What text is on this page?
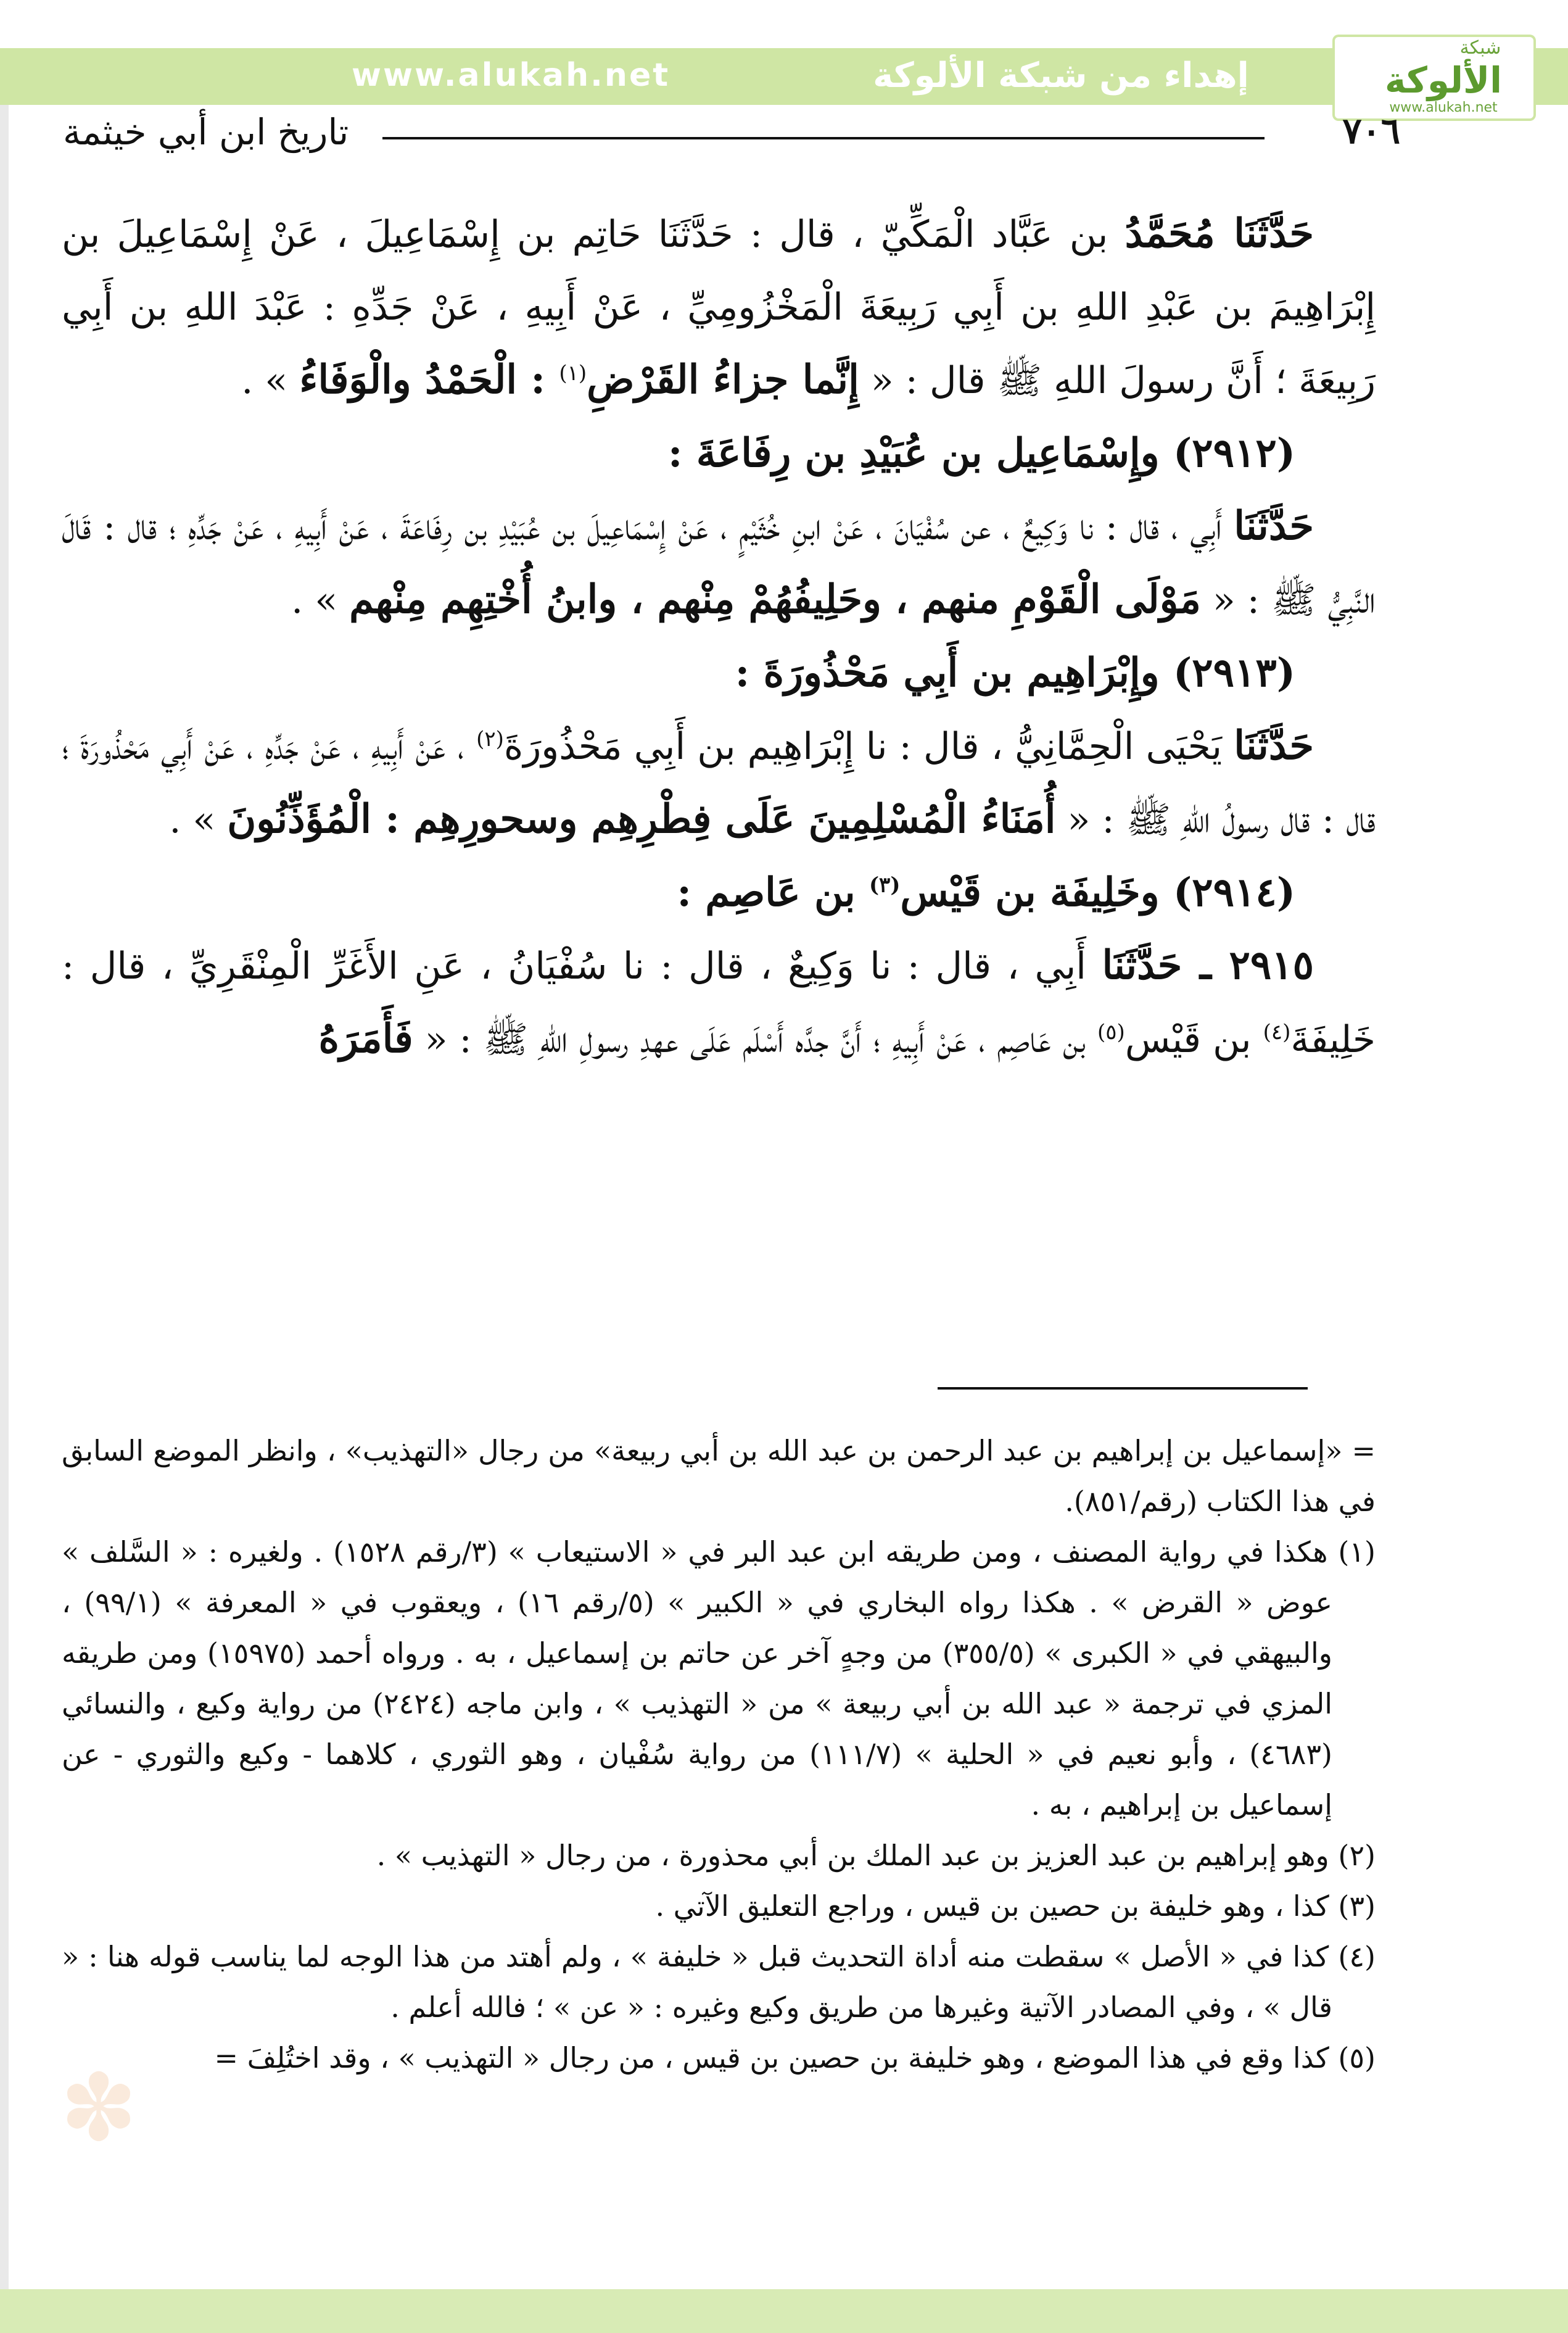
www.alukah.net	إهداء من شبكة الألوكة
شبكة
الألوكة
www.alukah.net
٧٠٦
تاريخ ابن أبي خيثمة

حَدَّثَنَا مُحَمَّدُ بن عَبَّاد الْمَكِّيّ ، قال : حَدَّثَنَا حَاتِم بن إِسْمَاعِيلَ ، عَنْ إِسْمَاعِيلَ بن إِبْرَاهِيمَ بن عَبْدِ اللهِ بن أَبِي رَبِيعَةَ الْمَخْزُومِيِّ ، عَنْ أَبِيهِ ، عَنْ جَدِّهِ : عَبْدَ اللهِ بن أَبِي رَبِيعَةَ ؛ أَنَّ رسولَ اللهِ ﷺ قال : « إِنَّما جزاءُ القَرْضِ$^{(١)}$ : الْحَمْدُ والْوَفَاءُ » .

(٢٩١٢) وإِسْمَاعِيل بن عُبَيْدِ بن رِفَاعَةَ :

حَدَّثَنَا أَبِي ، قال : نا وَكِيعٌ ، عن سُفْيَانَ ، عَنْ ابنِ خُثَيْمٍ ، عَنْ إِسْمَاعِيلَ بن عُبَيْدِ بن رِفَاعَةَ ، عَنْ أَبِيهِ ، عَنْ جَدِّهِ ؛ قال : قَالَ النَّبِيُّ ﷺ : « مَوْلَى الْقَوْمِ منهم ، وحَلِيفُهُمْ مِنْهم ، وابنُ أُخْتِهِم مِنْهم » .

(٢٩١٣) وإِبْرَاهِيم بن أَبِي مَحْذُورَةَ :

حَدَّثَنَا يَحْيَى الْحِمَّانِيُّ ، قال : نا إِبْرَاهِيم بن أَبِي مَحْذُورَةَ$^{(٢)}$ ، عَنْ أَبِيهِ ، عَنْ جَدِّهِ ، عَنْ أَبِي مَحْذُورَةَ ؛ قال : قال رسولُ اللهِ ﷺ : « أُمَنَاءُ الْمُسْلِمِينَ عَلَى فِطْرِهِم وسحورِهِم : الْمُؤَذِّنُونَ » .

(٢٩١٤) وخَلِيفَة بن قَيْس$^{(٣)}$ بن عَاصِم :

٢٩١٥ ـ حَدَّثَنَا أَبِي ، قال : نا وَكِيعٌ ، قال : نا سُفْيَانُ ، عَنِ الأَغَرِّ الْمِنْقَرِيِّ ، قال : خَلِيفَةَ$^{(٤)}$ بن قَيْس$^{(٥)}$ بن عَاصِم ، عَنْ أَبِيهِ ؛ أَنَّ جدَّه أَسْلَم عَلَى عهدِ رسولِ اللهِ ﷺ : « فَأَمَرَهُ

= «إسماعيل بن إبراهيم بن عبد الرحمن بن عبد الله بن أبي ربيعة» من رجال «التهذيب» ، وانظر الموضع السابق في هذا الكتاب (رقم/٨٥١).

(١) هكذا في رواية المصنف ، ومن طريقه ابن عبد البر في « الاستيعاب » (٣/رقم ١٥٢٨) . ولغيره : « السَّلف » عوض « القرض » . هكذا رواه البخاري في « الكبير » (٥/رقم ١٦) ، ويعقوب في « المعرفة » (٩٩/١) ، والبيهقي في « الكبرى » (٣٥٥/٥) من وجهٍ آخر عن حاتم بن إسماعيل ، به . ورواه أحمد (١٥٩٧٥) ومن طريقه المزي في ترجمة « عبد الله بن أبي ربيعة » من « التهذيب » ، وابن ماجه (٢٤٢٤) من رواية وكيع ، والنسائي (٤٦٨٣) ، وأبو نعيم في « الحلية » (١١١/٧) من رواية سُفْيان ، وهو الثوري ، كلاهما - وكيع والثوري - عن إسماعيل بن إبراهيم ، به .

(٢) وهو إبراهيم بن عبد العزيز بن عبد الملك بن أبي محذورة ، من رجال « التهذيب » .

(٣) كذا ، وهو خليفة بن حصين بن قيس ، وراجع التعليق الآتي .

(٤) كذا في « الأصل » سقطت منه أداة التحديث قبل « خليفة » ، ولم أهتد من هذا الوجه لما يناسب قوله هنا : « قال » ، وفي المصادر الآتية وغيرها من طريق وكيع وغيره : « عن » ؛ فالله أعلم .

(٥) كذا وقع في هذا الموضع ، وهو خليفة بن حصين بن قيس ، من رجال « التهذيب » ، وقد اختُلِفَ =

✽
